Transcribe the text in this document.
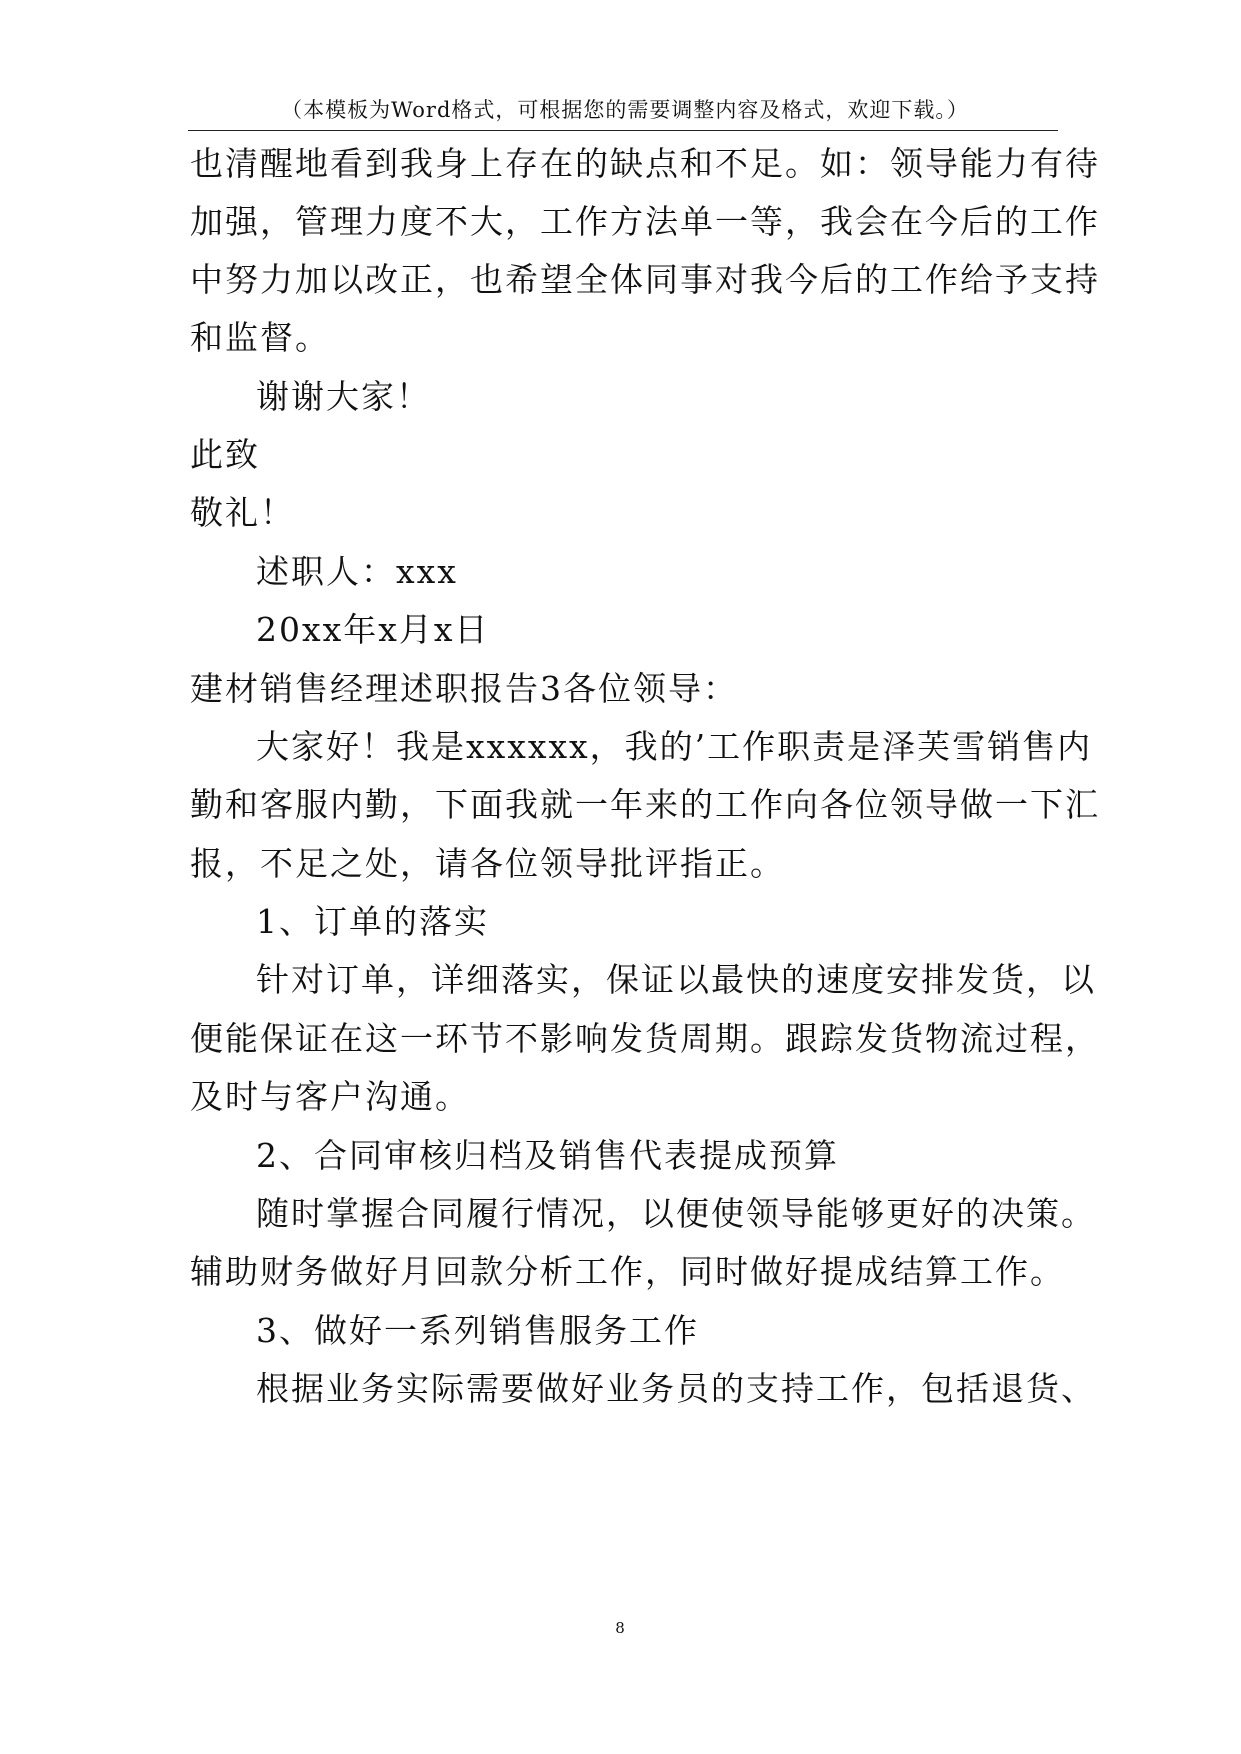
（本模板为Word格式，可根据您的需要调整内容及格式，欢迎下载。）
也清醒地看到我身上存在的缺点和不足。如：领导能力有待
加强，管理力度不大，工作方法单一等，我会在今后的工作
中努力加以改正，也希望全体同事对我今后的工作给予支持
和监督。
谢谢大家！
此致
敬礼！
述职人：xxx
20xx年x月x日
建材销售经理述职报告3各位领导：
大家好！我是xxxxxx，我的’工作职责是泽芙雪销售内
勤和客服内勤，下面我就一年来的工作向各位领导做一下汇
报，不足之处，请各位领导批评指正。
1、订单的落实
针对订单，详细落实，保证以最快的速度安排发货，以
便能保证在这一环节不影响发货周期。跟踪发货物流过程，
及时与客户沟通。
2、合同审核归档及销售代表提成预算
随时掌握合同履行情况，以便使领导能够更好的决策。
辅助财务做好月回款分析工作，同时做好提成结算工作。
3、做好一系列销售服务工作
根据业务实际需要做好业务员的支持工作，包括退货、
8
